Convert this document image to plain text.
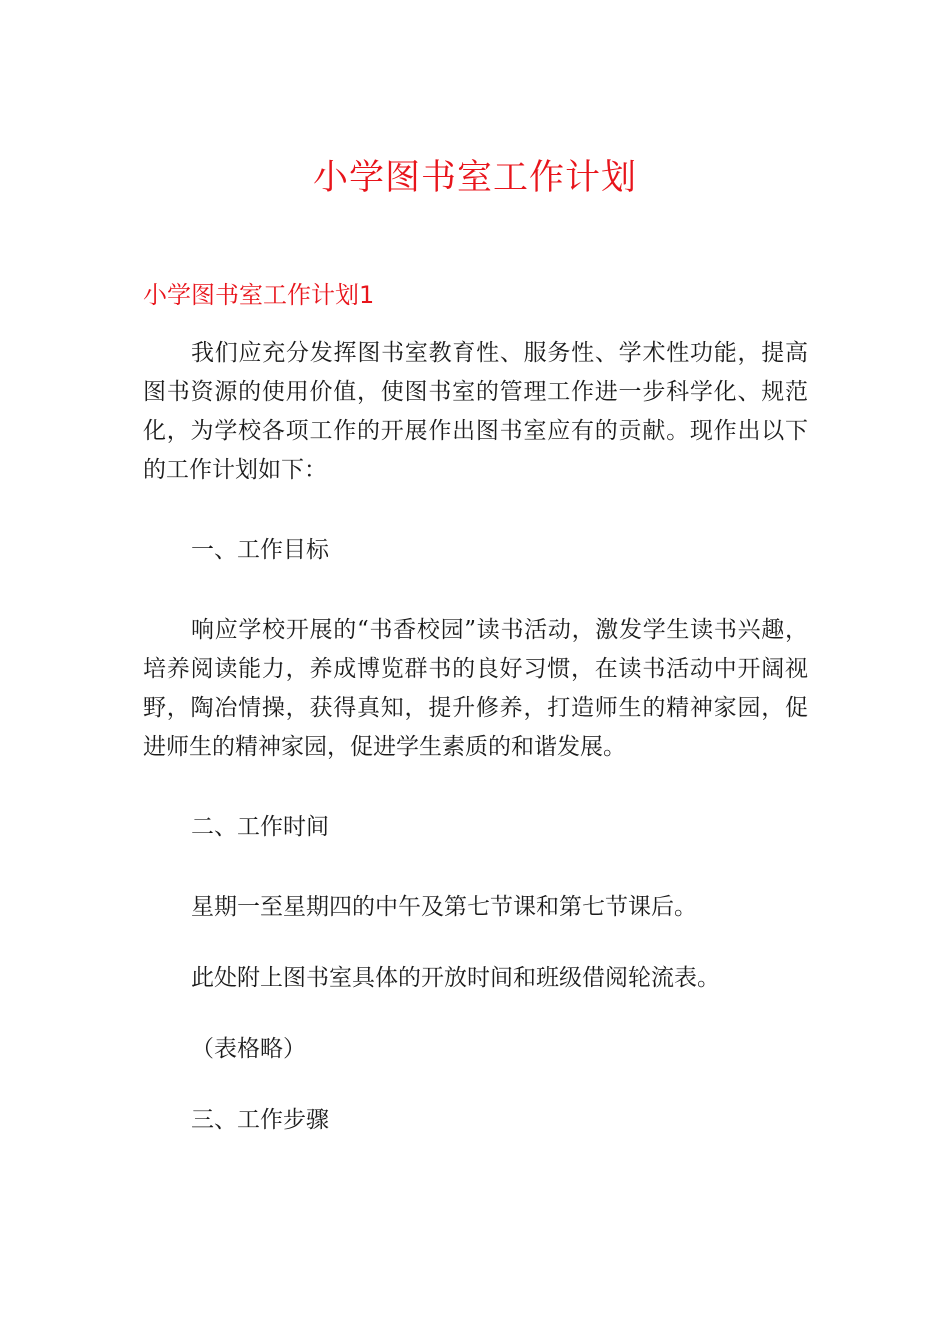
小学图书室工作计划
小学图书室工作计划1

我们应充分发挥图书室教育性、服务性、学术性功能，提高图书资源的使用价值，使图书室的管理工作进一步科学化、规范化，为学校各项工作的开展作出图书室应有的贡献。现作出以下的工作计划如下：

一、工作目标

响应学校开展的“书香校园”读书活动，激发学生读书兴趣，培养阅读能力，养成博览群书的良好习惯，在读书活动中开阔视野，陶冶情操，获得真知，提升修养，打造师生的精神家园，促进师生的精神家园，促进学生素质的和谐发展。

二、工作时间

星期一至星期四的中午及第七节课和第七节课后。

此处附上图书室具体的开放时间和班级借阅轮流表。

（表格略）

三、工作步骤
